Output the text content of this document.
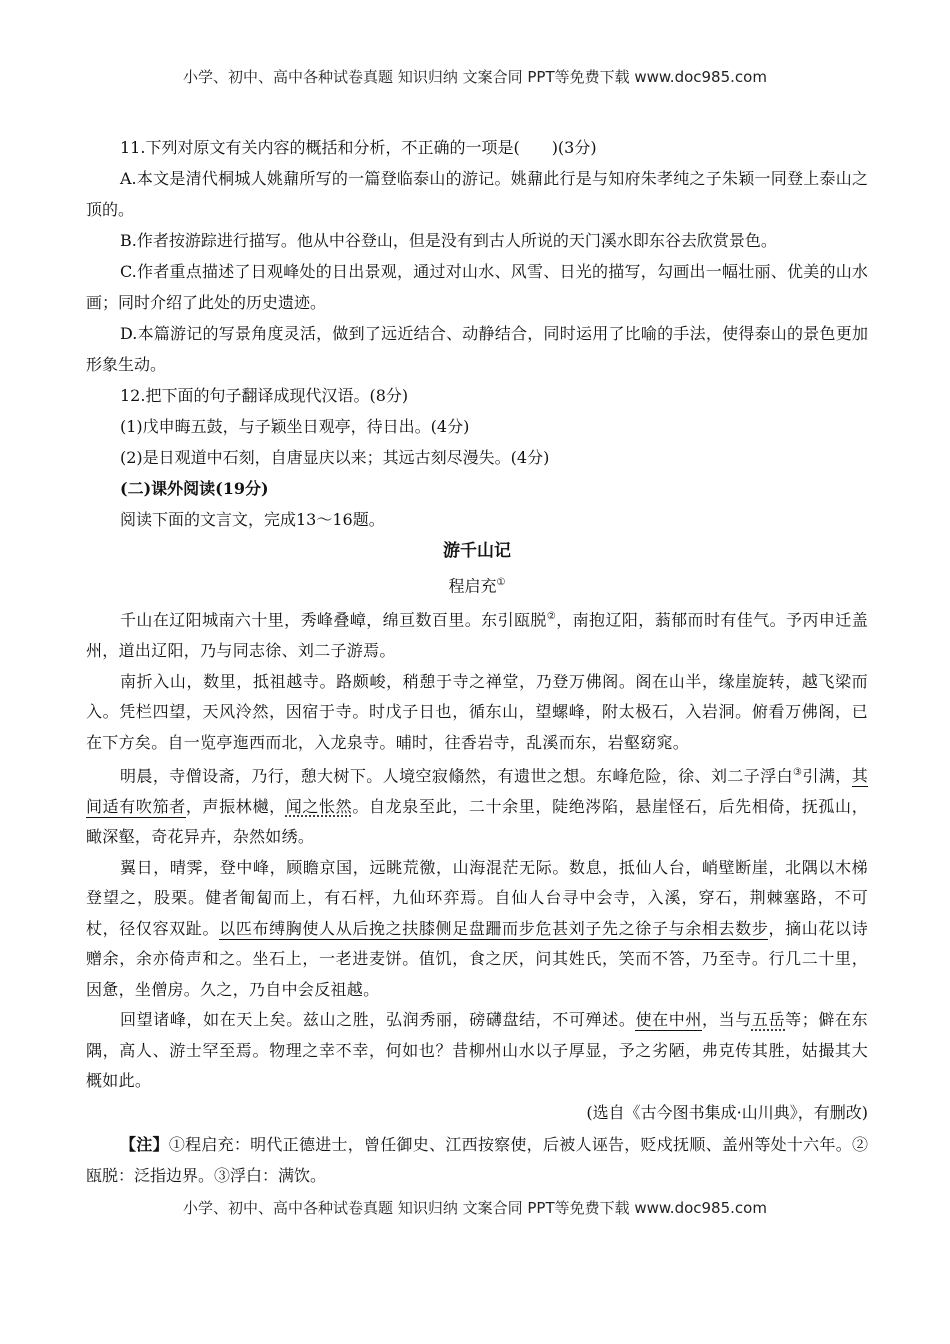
小学、初中、高中各种试卷真题 知识归纳 文案合同 PPT等免费下载 www.doc985.com

11.下列对原文有关内容的概括和分析，不正确的一项是(　　)(3分)

A.本文是清代桐城人姚鼐所写的一篇登临泰山的游记。姚鼐此行是与知府朱孝纯之子朱颖一同登上泰山之顶的。

B.作者按游踪进行描写。他从中谷登山，但是没有到古人所说的天门溪水即东谷去欣赏景色。

C.作者重点描述了日观峰处的日出景观，通过对山水、风雪、日光的描写，勾画出一幅壮丽、优美的山水画；同时介绍了此处的历史遗迹。

D.本篇游记的写景角度灵活，做到了远近结合、动静结合，同时运用了比喻的手法，使得泰山的景色更加形象生动。

12.把下面的句子翻译成现代汉语。(8分)

(1)戊申晦五鼓，与子颖坐日观亭，待日出。(4分)

(2)是日观道中石刻，自唐显庆以来；其远古刻尽漫失。(4分)

(二)课外阅读(19分)

阅读下面的文言文，完成13～16题。

游千山记

程启充①

千山在辽阳城南六十里，秀峰叠嶂，绵亘数百里。东引瓯脱②，南抱辽阳，蓊郁而时有佳气。予丙申迁盖州，道出辽阳，乃与同志徐、刘二子游焉。

南折入山，数里，抵祖越寺。路颇峻，稍憩于寺之禅堂，乃登万佛阁。阁在山半，缘崖旋转，越飞梁而入。凭栏四望，天风泠然，因宿于寺。时戊子日也，循东山，望螺峰，附太极石，入岩洞。俯看万佛阁，已在下方矣。自一览亭迤西而北，入龙泉寺。晡时，往香岩寺，乱溪而东，岩壑窈窕。

明晨，寺僧设斋，乃行，憩大树下。人境空寂翛然，有遗世之想。东峰危险，徐、刘二子浮白③引满，其间适有吹笳者，声振林樾，闻之怅然。自龙泉至此，二十余里，陡绝涔陷，悬崖怪石，后先相倚，抚孤山，瞰深壑，奇花异卉，杂然如绣。

翼日，晴霁，登中峰，顾瞻京国，远眺荒徼，山海混茫无际。数息，抵仙人台，峭壁断崖，北隅以木梯登望之，股栗。健者匍匐而上，有石枰，九仙环弈焉。自仙人台寻中会寺，入溪，穿石，荆棘塞路，不可杖，径仅容双趾。以匹布缚胸使人从后挽之扶膝侧足盘跚而步危甚刘子先之徐子与余相去数步，摘山花以诗赠余，余亦倚声和之。坐石上，一老进麦饼。值饥，食之厌，问其姓氏，笑而不答，乃至寺。行几二十里，因惫，坐僧房。久之，乃自中会反祖越。

回望诸峰，如在天上矣。兹山之胜，弘润秀丽，磅礴盘结，不可殚述。使在中州，当与五岳等；僻在东隅，高人、游士罕至焉。物理之幸不幸，何如也？昔柳州山水以子厚显，予之劣陋，弗克传其胜，姑撮其大概如此。

(选自《古今图书集成·山川典》，有删改)

【注】①程启充：明代正德进士，曾任御史、江西按察使，后被人诬告，贬戍抚顺、盖州等处十六年。②瓯脱：泛指边界。③浮白：满饮。

小学、初中、高中各种试卷真题 知识归纳 文案合同 PPT等免费下载 www.doc985.com
